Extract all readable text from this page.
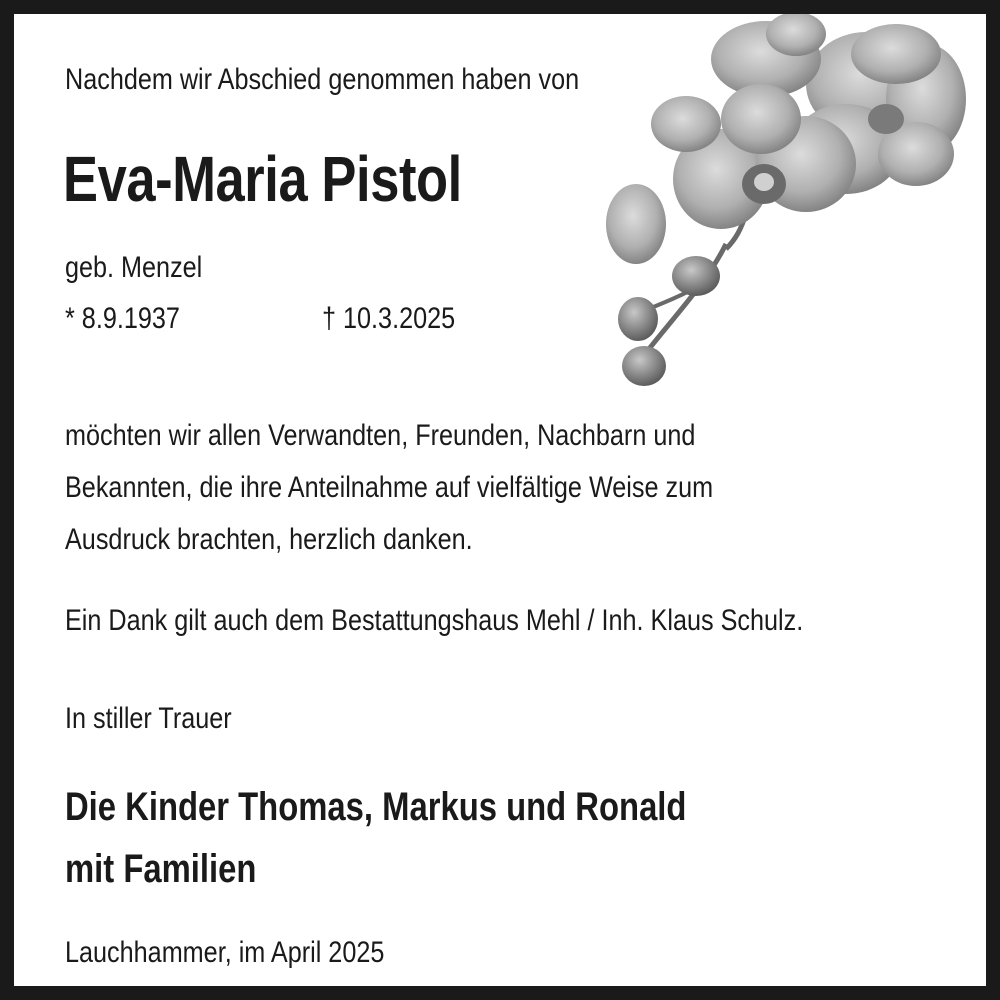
Nachdem wir Abschied genommen haben von

Eva-Maria Pistol

geb. Menzel

* 8.9.1937	† 10.3.2025

möchten wir allen Verwandten, Freunden, Nachbarn und
Bekannten, die ihre Anteilnahme auf vielfältige Weise zum
Ausdruck brachten, herzlich danken.

Ein Dank gilt auch dem Bestattungshaus Mehl / Inh. Klaus Schulz.

In stiller Trauer

Die Kinder Thomas, Markus und Ronald
mit Familien

Lauchhammer, im April 2025
